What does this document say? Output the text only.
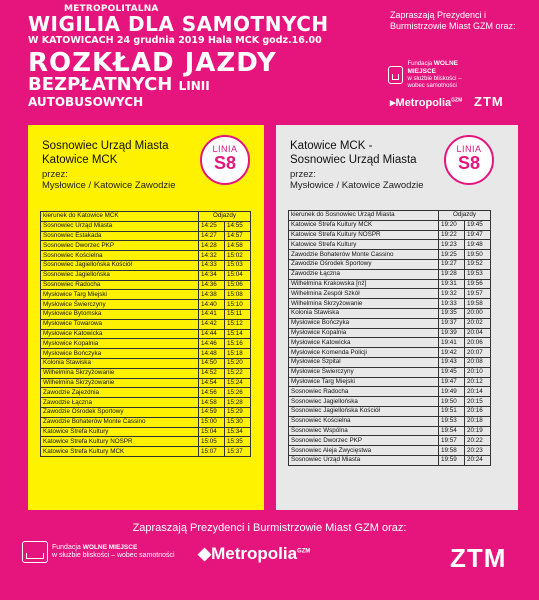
METROPOLITALNA
WIGILIA DLA SAMOTNYCH
W KATOWICACH 24 grudnia 2019 Hala MCK godz.16.00
ROZKŁAD JAZDY
BEZPŁATNYCH LINII
AUTOBUSOWYCH
Zapraszają Prezydenci i Burmistrzowie Miast GZM oraz:
Fundacja WOLNE MIEJSCE
w służbie bliskości – wobec samotności
▸Metropolia$^{GZM}$ ZTM
Sosnowiec Urząd Miasta
Katowice MCK
przez:
Mysłowice / Katowice Zawodzie
LINIA
S8
kierunek do Katowice MCK	Odjazdy	
Sosnowiec Urząd Miasta	14:25	14:55
Sosnowiec Estakada	14:27	14:57
Sosnowiec Dworzec PKP	14:28	14:58
Sosnowiec Kościelna	14:32	15:02
Sosnowiec Jagiellońska Kościół	14:33	15:03
Sosnowiec Jagiellońska	14:34	15:04
Sosnowiec Radocha	14:36	15:06
Mysłowice Targ Miejski	14:38	15:08
Mysłowice Świerczyny	14:40	15:10
Mysłowice Bytomska	14:41	15:11
Mysłowice Towarowa	14:42	15:12
Mysłowice Katowicka	14:44	15:14
Mysłowice Kopalnia	14:46	15:16
Mysłowice Bończyka	14:48	15:18
Kolonia Stawiska	14:50	15:20
Wilhelmina Skrzyżowanie	14:52	15:22
Wilhelmina Skrzyżowanie	14:54	15:24
Zawodzie Zajezdnia	14:56	15:26
Zawodzie Łączna	14:58	15:28
Zawodzie Ośrodek Sportowy	14:59	15:29
Zawodzie Bohaterów Monte Cassino	15:00	15:30
Katowice Strefa Kultury	15:04	15:34
Katowice Strefa Kultury NOSPR	15:05	15:35
Katowice Strefa Kultury MCK	15:07	15:37
Katowice MCK -
Sosnowiec Urząd Miasta
przez:
Mysłowice / Katowice Zawodzie
LINIA
S8
kierunek do Sosnowiec Urząd Miasta	Odjazdy	
Katowice Strefa Kultury MCK	19:20	19:45
Katowice Strefa Kultury NOSPR	19:22	19:47
Katowice Strefa Kultury	19:23	19:48
Zawodzie Bohaterów Monte Cassino	19:25	19:50
Zawodzie Ośrodek Sportowy	19:27	19:52
Zawodzie Łączna	19:28	19:53
Wilhelmina Krakowska [nż]	19:31	19:56
Wilhelmina Zespół Szkół	19:32	19:57
Wilhelmina Skrzyżowanie	19:33	19:58
Kolonia Stawiska	19:35	20:00
Mysłowice Bończyka	19:37	20:02
Mysłowice Kopalnia	19:39	20:04
Mysłowice Katowicka	19:41	20:06
Mysłowice Komenda Policji	19:42	20:07
Mysłowice Szpital	19:43	20:08
Mysłowice Świerczyny	19:45	20:10
Mysłowice Targ Miejski	19:47	20:12
Sosnowiec Radocha	19:49	20:14
Sosnowiec Jagiellońska	19:50	20:15
Sosnowiec Jagiellońska Kościół	19:51	20:16
Sosnowiec Kościelna	19:53	20:18
Sosnowiec Wspólna	19:54	20:19
Sosnowiec Dworzec PKP	19:57	20:22
Sosnowiec Aleja Zwycięstwa	19:58	20:23
Sosnowiec Urząd Miasta	19:59	20:24
Zapraszają Prezydenci i Burmistrzowie Miast GZM oraz:
Fundacja WOLNE MIEJSCE
w służbie bliskości – wobec samotności ◆Metropolia$^{GZM}$	ZTM
